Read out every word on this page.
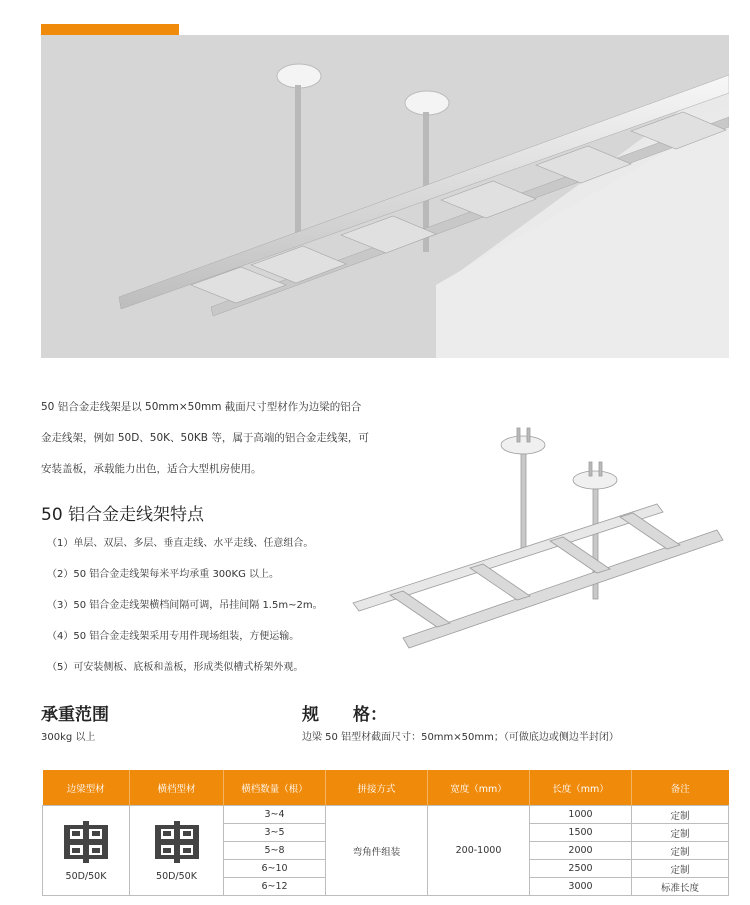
50 铝合金走线架是以 50mm×50mm 截面尺寸型材作为边梁的铝合
金走线架，例如 50D、50K、50KB 等，属于高端的铝合金走线架，可
安装盖板，承载能力出色，适合大型机房使用。

50 铝合金走线架特点
（1）单层、双层、多层、垂直走线、水平走线、任意组合。
（2）50 铝合金走线架每米平均承重 300KG 以上。
（3）50 铝合金走线架横档间隔可调，吊挂间隔 1.5m~2m。
（4）50 铝合金走线架采用专用件现场组装，方便运输。
（5）可安装侧板、底板和盖板，形成类似槽式桥架外观。
承重范围

300kg 以上

规　　格：

边梁 50 铝型材截面尺寸：50mm×50mm；（可做底边或侧边半封闭）

边梁型材	横档型材	横档数量（根）	拼接方式	宽度（mm）	长度（mm）	备注

50D/50K	50D/50K	3~4	弯角件组装	200-1000	1000	定制
		3~5			1500	定制
		5~8			2000	定制
		6~10			2500	定制
		6~12			3000	标准长度
